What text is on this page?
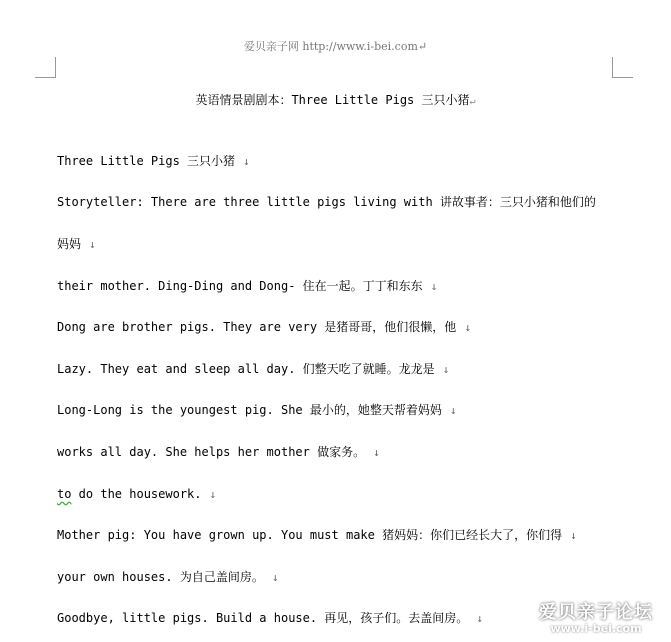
爱贝亲子网 http://www.i-bei.com↵
英语情景剧剧本：Three Little Pigs 三只小猪↵
Three Little Pigs 三只小猪 ↓
Storyteller: There are three little pigs living with 讲故事者：三只小猪和他们的
妈妈 ↓
their mother. Ding-Ding and Dong- 住在一起。丁丁和东东 ↓
Dong are brother pigs. They are very 是猪哥哥，他们很懒，他 ↓
Lazy. They eat and sleep all day. 们整天吃了就睡。龙龙是 ↓
Long-Long is the youngest pig. She 最小的，她整天帮着妈妈 ↓
works all day. She helps her mother 做家务。 ↓
to do the housework. ↓
Mother pig: You have grown up. You must make 猪妈妈：你们已经长大了，你们得 ↓
your own houses. 为自己盖间房。 ↓
Goodbye, little pigs. Build a house. 再见，孩子们。去盖间房。 ↓	爱贝亲子论坛
www.i-bei.com
